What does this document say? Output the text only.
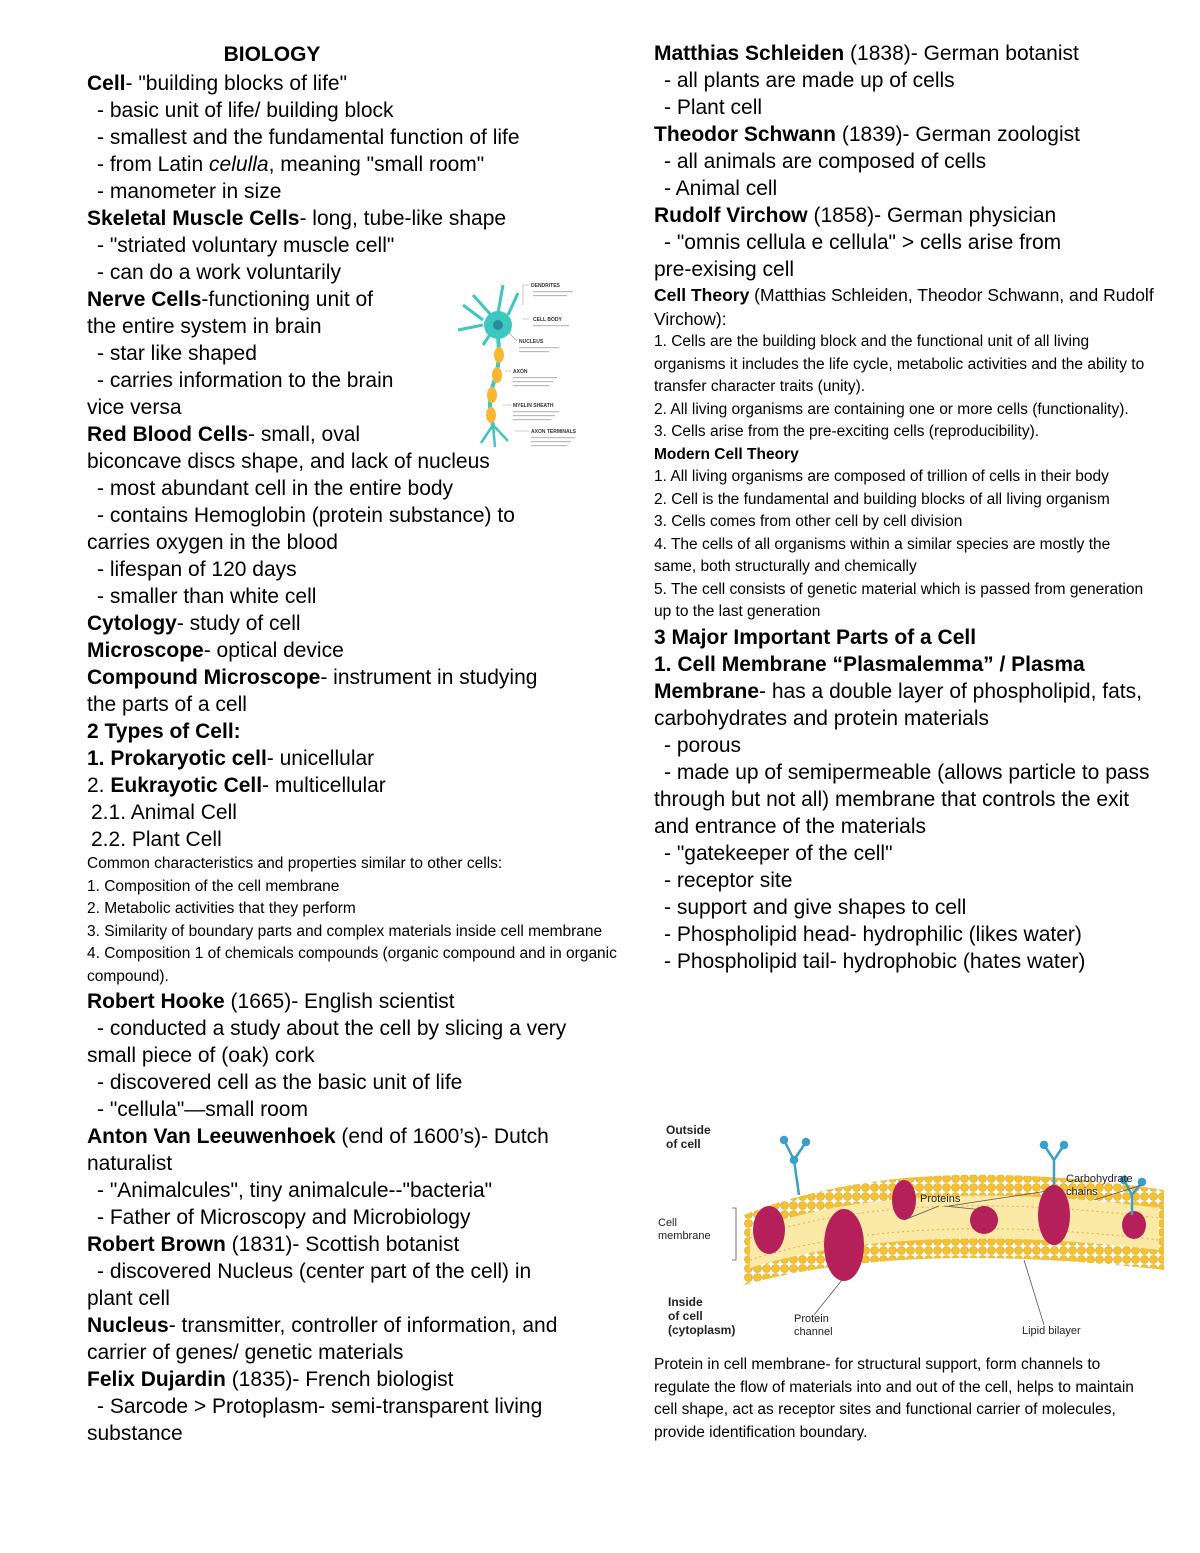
BIOLOGY
Cell- "building blocks of life"
- basic unit of life/ building block
- smallest and the fundamental function of life
- from Latin celulla, meaning "small room"
- manometer in size
Skeletal Muscle Cells- long, tube-like shape
- "striated voluntary muscle cell"
- can do a work voluntarily
Nerve Cells-functioning unit of
the entire system in brain
- star like shaped
- carries information to the brain
vice versa
Red Blood Cells- small, oval
biconcave discs shape, and lack of nucleus
- most abundant cell in the entire body
- contains Hemoglobin (protein substance) to
carries oxygen in the blood
- lifespan of 120 days
- smaller than white cell
Cytology- study of cell
Microscope- optical device
Compound Microscope- instrument in studying
the parts of a cell
2 Types of Cell:
1. Prokaryotic cell- unicellular
2. Eukrayotic Cell- multicellular
2.1. Animal Cell
2.2. Plant Cell
Common characteristics and properties similar to other cells:
1. Composition of the cell membrane
2. Metabolic activities that they perform
3. Similarity of boundary parts and complex materials inside cell membrane
4. Composition 1 of chemicals compounds (organic compound and in organic compound).
Robert Hooke (1665)- English scientist
- conducted a study about the cell by slicing a very
small piece of (oak) cork
- discovered cell as the basic unit of life
- "cellula"—small room
Anton Van Leeuwenhoek (end of 1600’s)- Dutch
naturalist
- "Animalcules", tiny animalcule--"bacteria"
- Father of Microscopy and Microbiology
Robert Brown (1831)- Scottish botanist
- discovered Nucleus (center part of the cell) in
plant cell
Nucleus- transmitter, controller of information, and
carrier of genes/ genetic materials
Felix Dujardin (1835)- French biologist
- Sarcode > Protoplasm- semi-transparent living
substance
DENDRITES
CELL BODY
NUCLEUS
AXON
MYELIN SHEATH
AXON TERMINALS
Matthias Schleiden (1838)- German botanist
- all plants are made up of cells
- Plant cell
Theodor Schwann (1839)- German zoologist
- all animals are composed of cells
- Animal cell
Rudolf Virchow (1858)- German physician
- "omnis cellula e cellula" > cells arise from
pre-exising cell
Cell Theory (Matthias Schleiden, Theodor Schwann, and Rudolf Virchow):
1. Cells are the building block and the functional unit of all living organisms it includes the life cycle, metabolic activities and the ability to transfer character traits (unity).
2. All living organisms are containing one or more cells (functionality).
3. Cells arise from the pre-exciting cells (reproducibility).
Modern Cell Theory
1. All living organisms are composed of trillion of cells in their body
2. Cell is the fundamental and building blocks of all living organism
3. Cells comes from other cell by cell division
4. The cells of all organisms within a similar species are mostly the same, both structurally and chemically
5. The cell consists of genetic material which is passed from generation up to the last generation
3 Major Important Parts of a Cell
1. Cell Membrane “Plasmalemma” / Plasma Membrane- has a double layer of phospholipid, fats, carbohydrates and protein materials
- porous
- made up of semipermeable (allows particle to pass through but not all) membrane that controls the exit and entrance of the materials
- "gatekeeper of the cell"
- receptor site
- support and give shapes to cell
- Phospholipid head- hydrophilic (likes water)
- Phospholipid tail- hydrophobic (hates water)
Outside of cell
Cell membrane
Proteins
Carbohydrate chains
Inside of cell (cytoplasm)
Protein channel	Lipid bilayer
Protein in cell membrane- for structural support, form channels to regulate the flow of materials into and out of the cell, helps to maintain cell shape, act as receptor sites and functional carrier of molecules, provide identification boundary.
